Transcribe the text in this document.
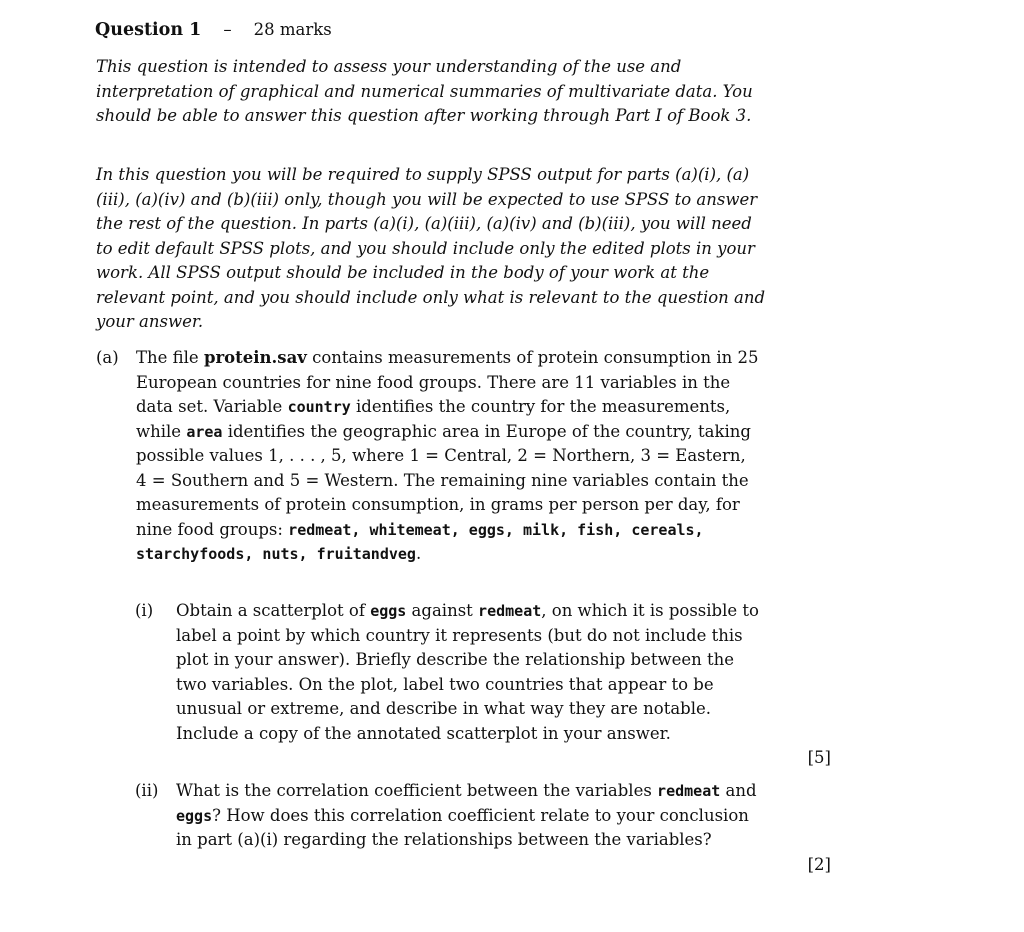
Question 1 – 28 marks

This question is intended to assess your understanding of the use and interpretation of graphical and numerical summaries of multivariate data. You should be able to answer this question after working through Part I of Book 3.

In this question you will be required to supply SPSS output for parts (a)(i), (a)(iii), (a)(iv) and (b)(iii) only, though you will be expected to use SPSS to answer the rest of the question. In parts (a)(i), (a)(iii), (a)(iv) and (b)(iii), you will need to edit default SPSS plots, and you should include only the edited plots in your work. All SPSS output should be included in the body of your work at the relevant point, and you should include only what is relevant to the question and your answer.

(a) The file protein.sav contains measurements of protein consumption in 25 European countries for nine food groups. There are 11 variables in the data set. Variable country identifies the country for the measurements, while area identifies the geographic area in Europe of the country, taking possible values 1, . . . , 5, where 1 = Central, 2 = Northern, 3 = Eastern, 4 = Southern and 5 = Western. The remaining nine variables contain the measurements of protein consumption, in grams per person per day, for nine food groups: redmeat, whitemeat, eggs, milk, fish, cereals, starchyfoods, nuts, fruitandveg.
(i) Obtain a scatterplot of eggs against redmeat, on which it is possible to label a point by which country it represents (but do not include this plot in your answer). Briefly describe the relationship between the two variables. On the plot, label two countries that appear to be unusual or extreme, and describe in what way they are notable. Include a copy of the annotated scatterplot in your answer.
[5]
(ii) What is the correlation coefficient between the variables redmeat and eggs? How does this correlation coefficient relate to your conclusion in part (a)(i) regarding the relationships between the variables?
[2]
